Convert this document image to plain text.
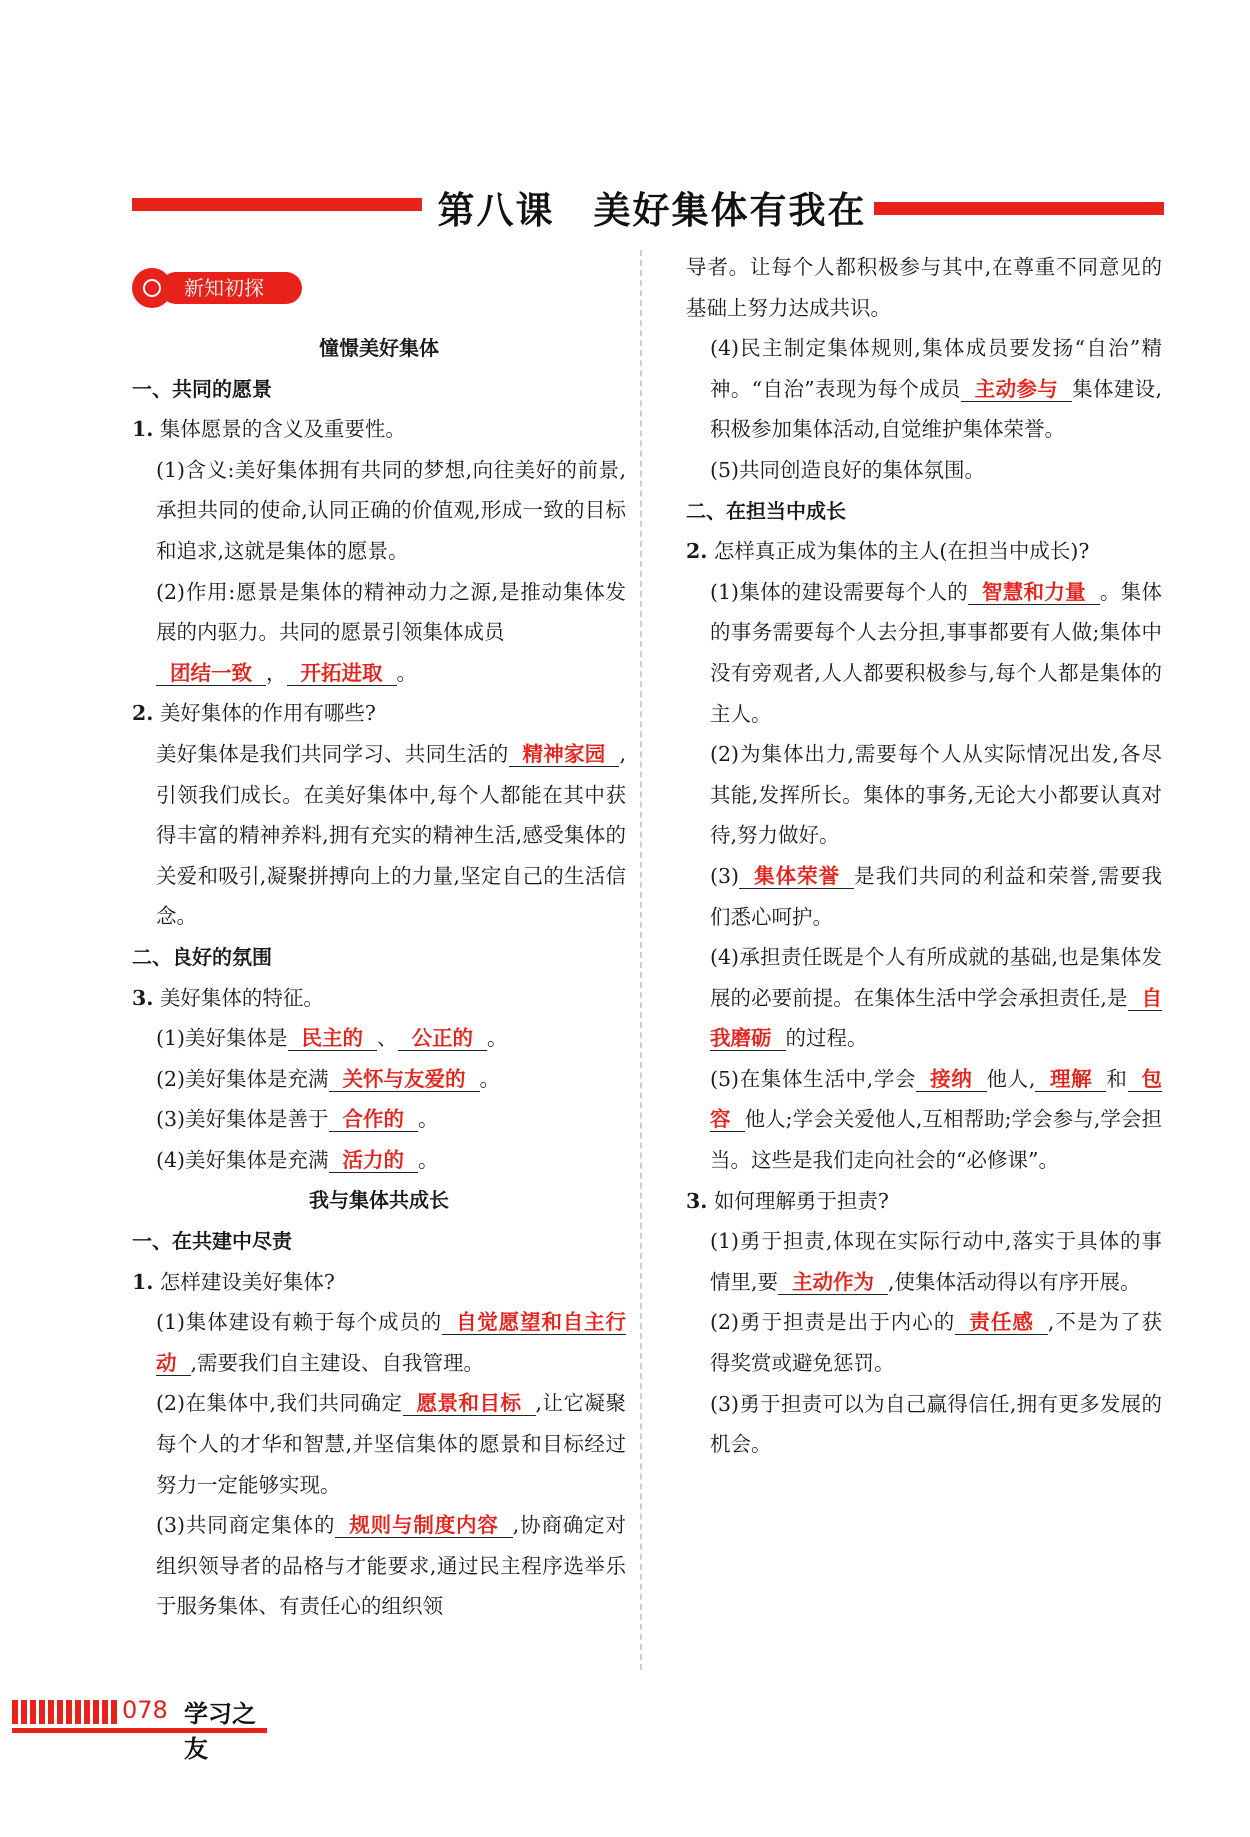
第八课　美好集体有我在
新知初探

憧憬美好集体

一、共同的愿景

1. 集体愿景的含义及重要性。

(1)含义:美好集体拥有共同的梦想,向往美好的前景,承担共同的使命,认同正确的价值观,形成一致的目标和追求,这就是集体的愿景。

(2)作用:愿景是集体的精神动力之源,是推动集体发展的内驱力。共同的愿景引领集体成员

团结一致 ， 开拓进取 。

2. 美好集体的作用有哪些?

美好集体是我们共同学习、共同生活的 精神家园 ,引领我们成长。在美好集体中,每个人都能在其中获得丰富的精神养料,拥有充实的精神生活,感受集体的关爱和吸引,凝聚拼搏向上的力量,坚定自己的生活信念。

二、良好的氛围

3. 美好集体的特征。

(1)美好集体是 民主的 、 公正的 。

(2)美好集体是充满 关怀与友爱的 。

(3)美好集体是善于 合作的 。

(4)美好集体是充满 活力的 。

我与集体共成长

一、在共建中尽责

1. 怎样建设美好集体?

(1)集体建设有赖于每个成员的 自觉愿望和自主行动 ,需要我们自主建设、自我管理。

(2)在集体中,我们共同确定 愿景和目标 ,让它凝聚每个人的才华和智慧,并坚信集体的愿景和目标经过努力一定能够实现。

(3)共同商定集体的 规则与制度内容 ,协商确定对组织领导者的品格与才能要求,通过民主程序选举乐于服务集体、有责任心的组织领

导者。让每个人都积极参与其中,在尊重不同意见的基础上努力达成共识。

(4)民主制定集体规则,集体成员要发扬“自治”精神。“自治”表现为每个成员 主动参与 集体建设,积极参加集体活动,自觉维护集体荣誉。

(5)共同创造良好的集体氛围。

二、在担当中成长

2. 怎样真正成为集体的主人(在担当中成长)?

(1)集体的建设需要每个人的 智慧和力量 。集体的事务需要每个人去分担,事事都要有人做;集体中没有旁观者,人人都要积极参与,每个人都是集体的主人。

(2)为集体出力,需要每个人从实际情况出发,各尽其能,发挥所长。集体的事务,无论大小都要认真对待,努力做好。

(3) 集体荣誉 是我们共同的利益和荣誉,需要我们悉心呵护。

(4)承担责任既是个人有所成就的基础,也是集体发展的必要前提。在集体生活中学会承担责任,是 自我磨砺 的过程。

(5)在集体生活中,学会 接纳 他人, 理解 和 包容 他人;学会关爱他人,互相帮助;学会参与,学会担当。这些是我们走向社会的“必修课”。

3. 如何理解勇于担责?

(1)勇于担责,体现在实际行动中,落实于具体的事情里,要 主动作为 ,使集体活动得以有序开展。

(2)勇于担责是出于内心的 责任感 ,不是为了获得奖赏或避免惩罚。

(3)勇于担责可以为自己赢得信任,拥有更多发展的机会。

078 学习之友
